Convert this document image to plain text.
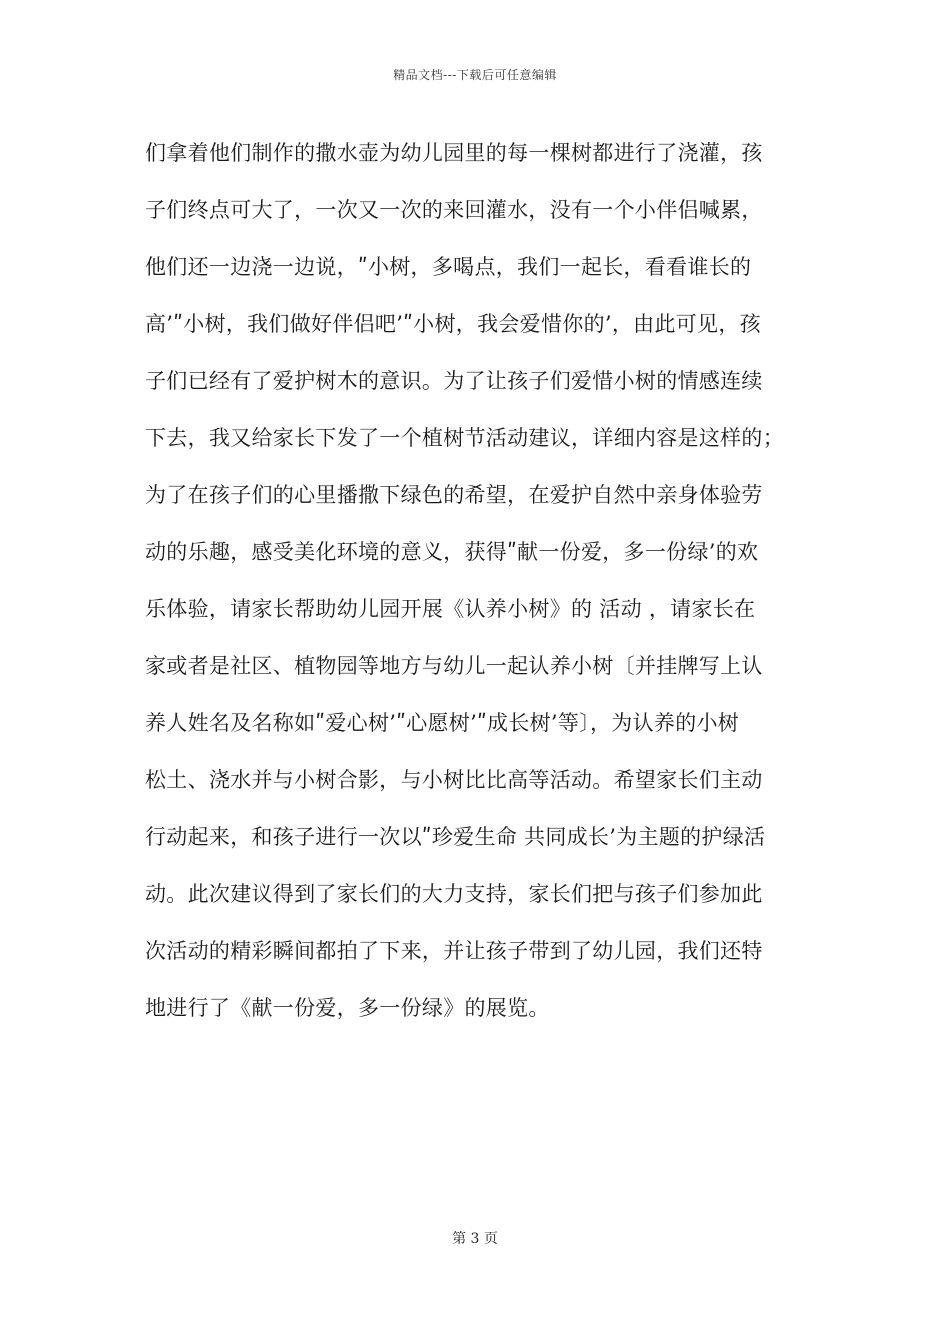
精品文档---下载后可任意编辑
们拿着他们制作的撒水壶为幼儿园里的每一棵树都进行了浇灌，孩
子们终点可大了，一次又一次的来回灌水，没有一个小伴侣喊累，
他们还一边浇一边说，ʺ小树，多喝点，我们一起长，看看谁长的
高’ʺ小树，我们做好伴侣吧’ʺ小树，我会爱惜你的’，由此可见，孩
子们已经有了爱护树木的意识。为了让孩子们爱惜小树的情感连续
下去，我又给家长下发了一个植树节活动建议，详细内容是这样的；
为了在孩子们的心里播撒下绿色的希望，在爱护自然中亲身体验劳
动的乐趣，感受美化环境的意义，获得ʺ献一份爱，多一份绿’的欢
乐体验，请家长帮助幼儿园开展《认养小树》的 活动 ，请家长在
家或者是社区、植物园等地方与幼儿一起认养小树〔并挂牌写上认
养人姓名及名称如ʺ爱心树’ʺ心愿树’ʺ成长树’等〕，为认养的小树
松土、浇水并与小树合影，与小树比比高等活动。希望家长们主动
行动起来，和孩子进行一次以ʺ珍爱生命 共同成长’为主题的护绿活
动。此次建议得到了家长们的大力支持，家长们把与孩子们参加此
次活动的精彩瞬间都拍了下来，并让孩子带到了幼儿园，我们还特
地进行了《献一份爱，多一份绿》的展览。
第 3 页
